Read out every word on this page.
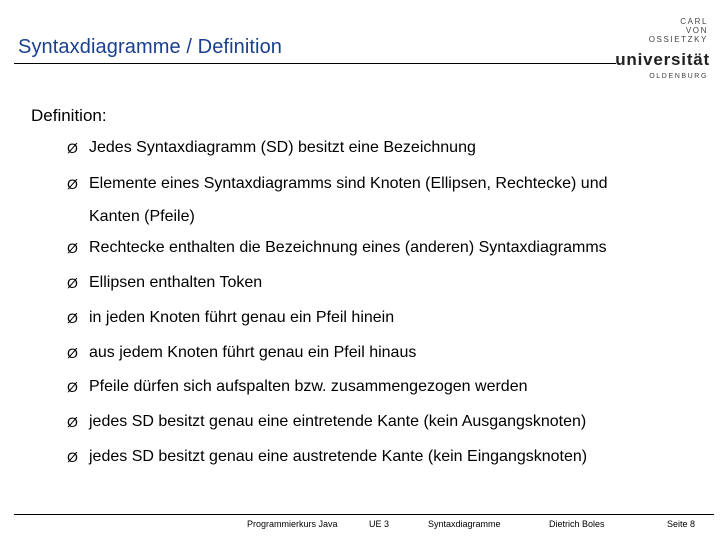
Syntaxdiagramme / Definition
CARL
VON
OSSIETZKY
universität
OLDENBURG
Definition:
Ø Jedes Syntaxdiagramm (SD) besitzt eine Bezeichnung
Ø Elemente eines Syntaxdiagramms sind Knoten (Ellipsen, Rechtecke) und
Kanten (Pfeile)
Ø Rechtecke enthalten die Bezeichnung eines (anderen) Syntaxdiagramms
Ø Ellipsen enthalten Token
Ø in jeden Knoten führt genau ein Pfeil hinein
Ø aus jedem Knoten führt genau ein Pfeil hinaus
Ø Pfeile dürfen sich aufspalten bzw. zusammengezogen werden
Ø jedes SD besitzt genau eine eintretende Kante (kein Ausgangsknoten)
Ø jedes SD besitzt genau eine austretende Kante (kein Eingangsknoten)
Programmierkurs Java	UE 3	Syntaxdiagramme	Dietrich Boles	Seite 8
